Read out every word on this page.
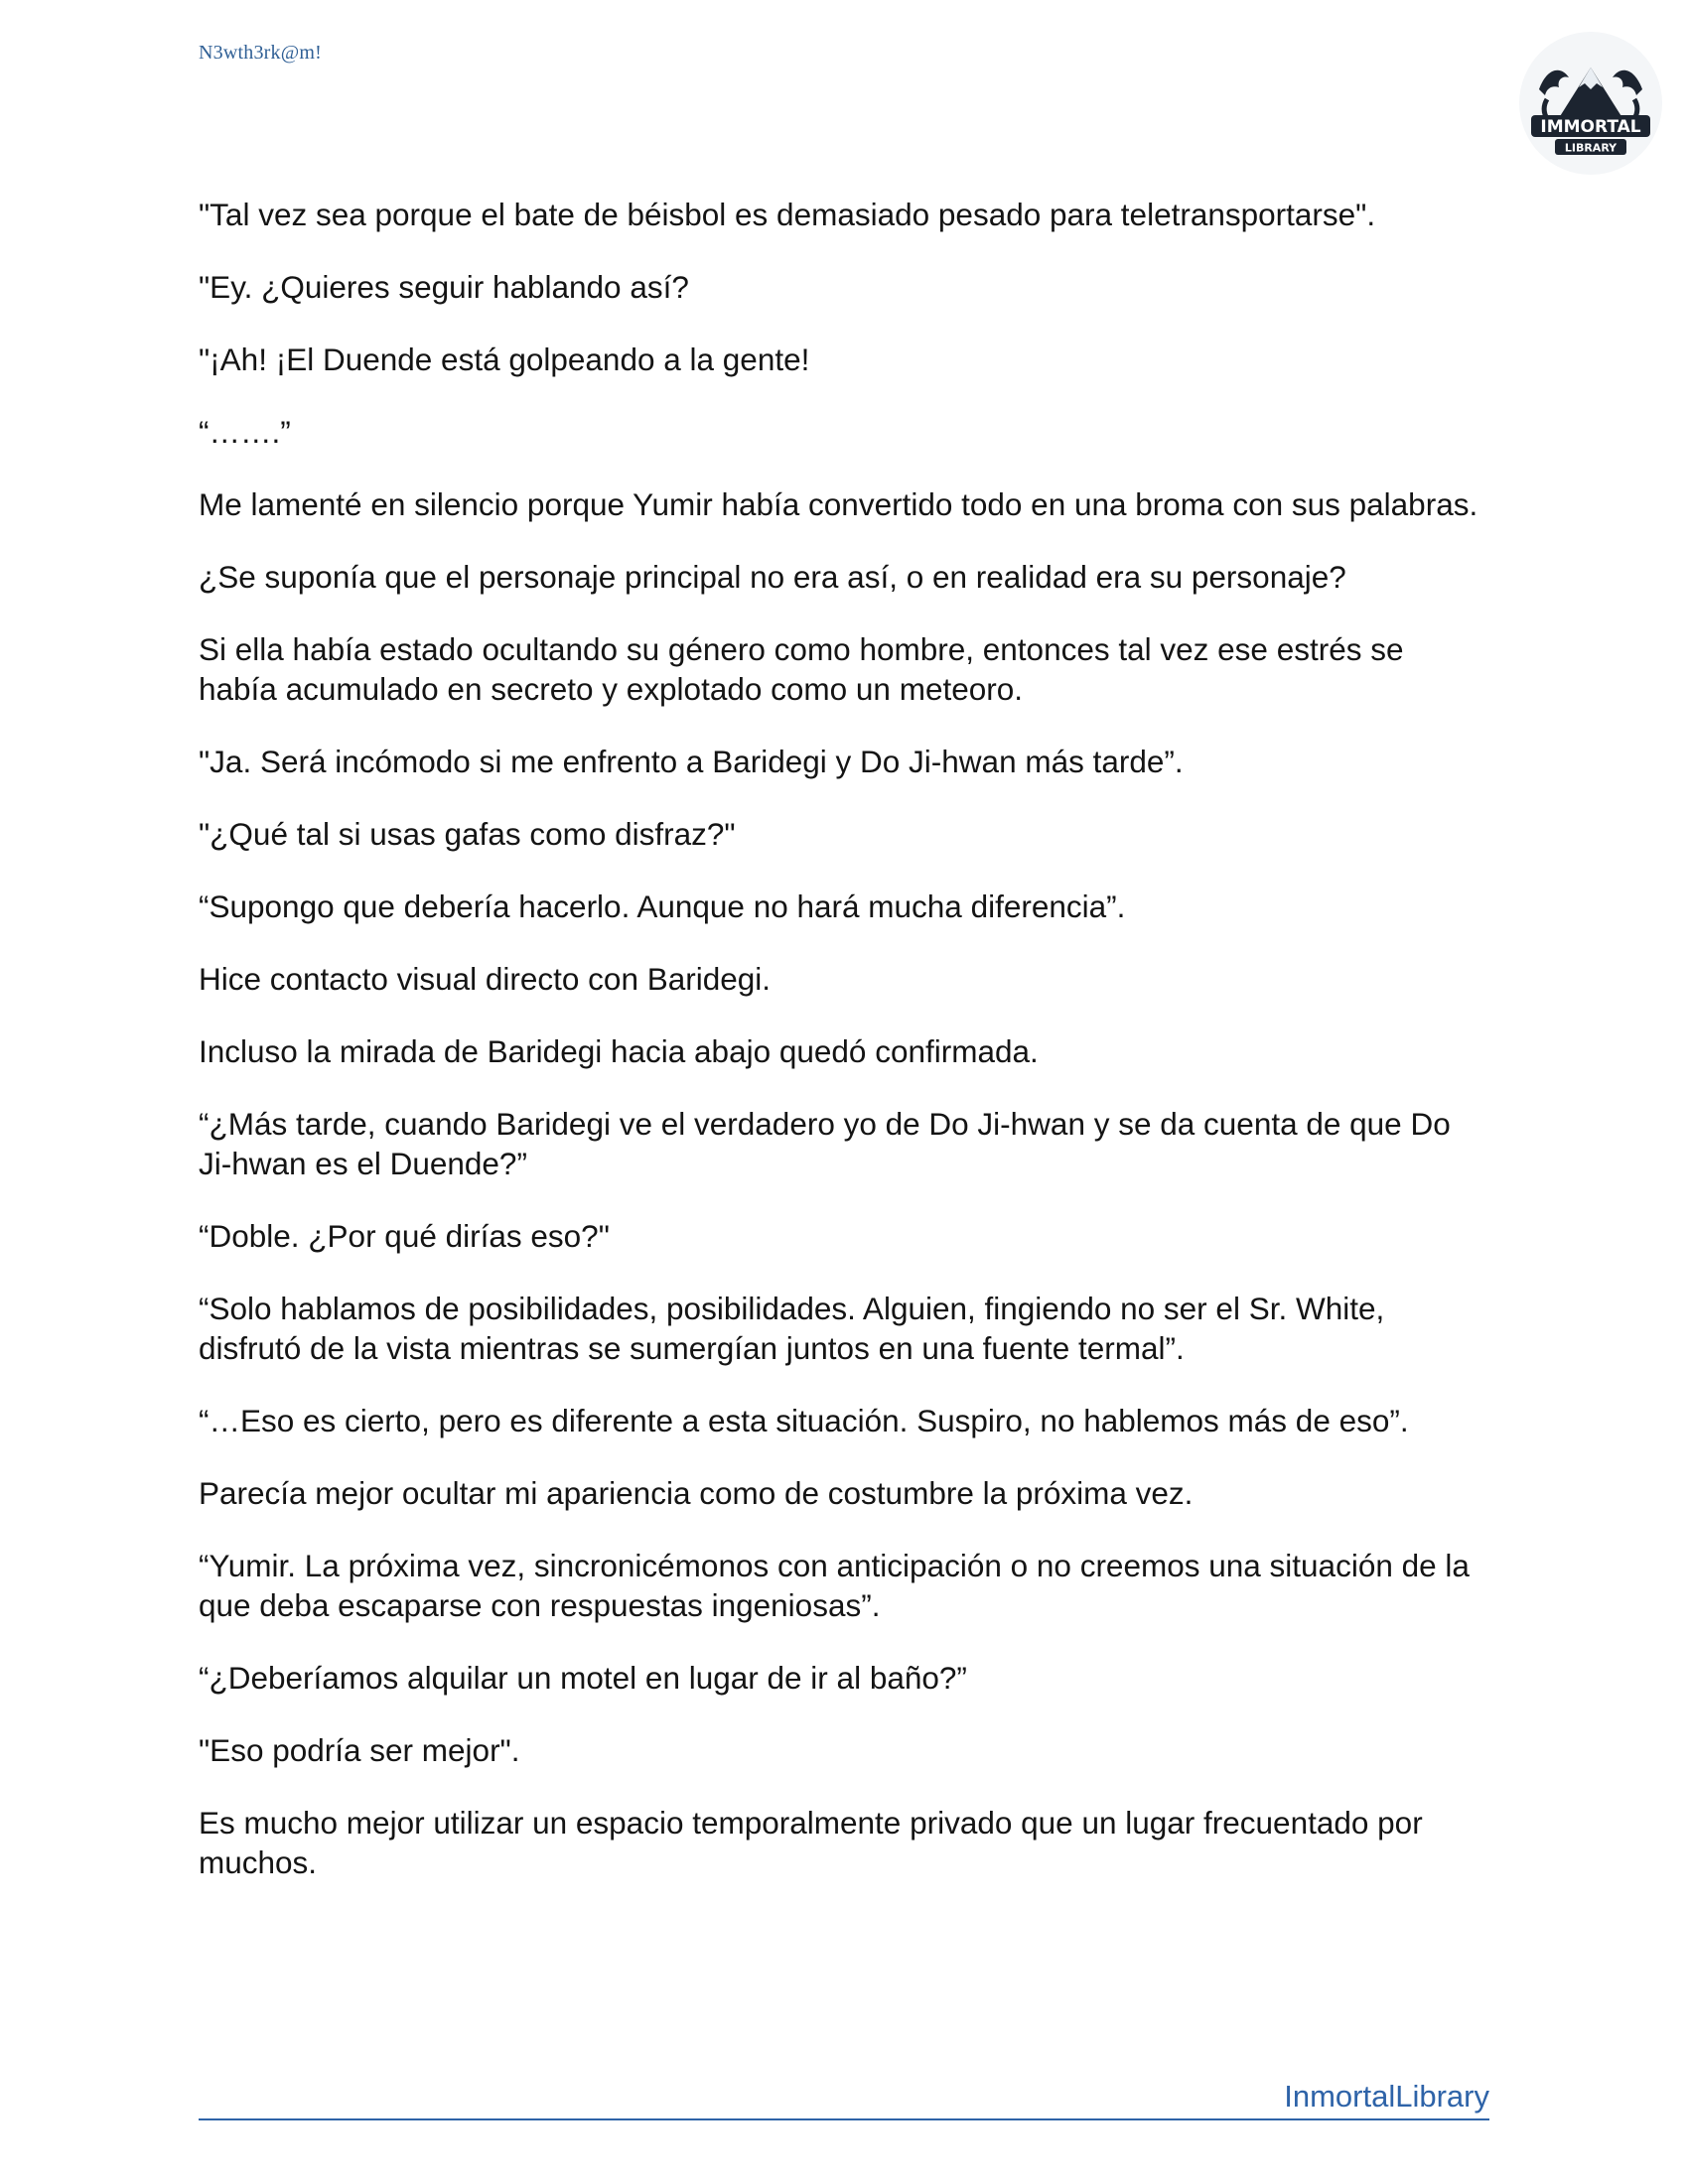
N3wth3rk@m!
IMMORTAL
LIBRARY

"Tal vez sea porque el bate de béisbol es demasiado pesado para teletransportarse".

"Ey. ¿Quieres seguir hablando así?

"¡Ah! ¡El Duende está golpeando a la gente!

“…….”

Me lamenté en silencio porque Yumir había convertido todo en una broma con sus palabras.

¿Se suponía que el personaje principal no era así, o en realidad era su personaje?

Si ella había estado ocultando su género como hombre, entonces tal vez ese estrés se había acumulado en secreto y explotado como un meteoro.

"Ja. Será incómodo si me enfrento a Baridegi y Do Ji-hwan más tarde”.

"¿Qué tal si usas gafas como disfraz?"

“Supongo que debería hacerlo. Aunque no hará mucha diferencia”.

Hice contacto visual directo con Baridegi.

Incluso la mirada de Baridegi hacia abajo quedó confirmada.

“¿Más tarde, cuando Baridegi ve el verdadero yo de Do Ji-hwan y se da cuenta de que Do Ji-hwan es el Duende?”

“Doble. ¿Por qué dirías eso?"

“Solo hablamos de posibilidades, posibilidades. Alguien, fingiendo no ser el Sr. White, disfrutó de la vista mientras se sumergían juntos en una fuente termal”.

“…Eso es cierto, pero es diferente a esta situación. Suspiro, no hablemos más de eso”.

Parecía mejor ocultar mi apariencia como de costumbre la próxima vez.

“Yumir. La próxima vez, sincronicémonos con anticipación o no creemos una situación de la que deba escaparse con respuestas ingeniosas”.

“¿Deberíamos alquilar un motel en lugar de ir al baño?”

"Eso podría ser mejor".

Es mucho mejor utilizar un espacio temporalmente privado que un lugar frecuentado por muchos.

InmortalLibrary
